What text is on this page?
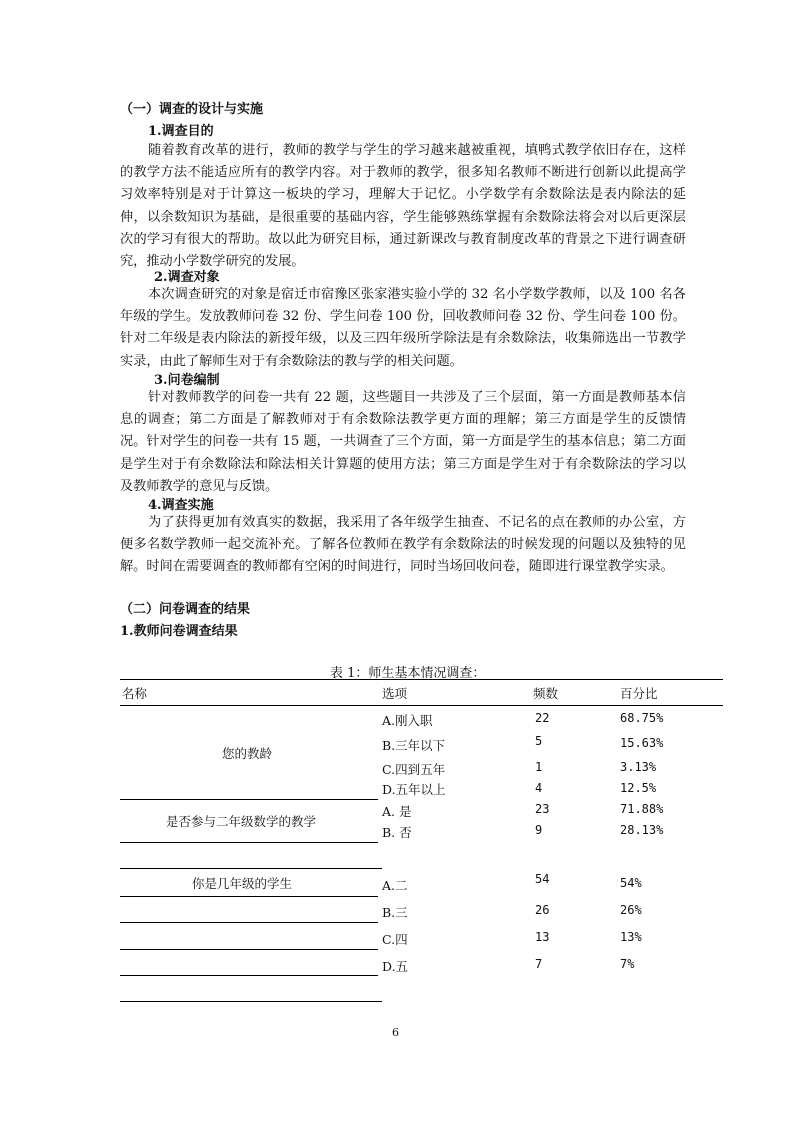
（一）调查的设计与实施
1.调查目的

随着教育改革的进行，教师的教学与学生的学习越来越被重视，填鸭式教学依旧存在，这样的教学方法不能适应所有的教学内容。对于教师的教学，很多知名教师不断进行创新以此提高学习效率特别是对于计算这一板块的学习，理解大于记忆。小学数学有余数除法是表内除法的延伸，以余数知识为基础，是很重要的基础内容，学生能够熟练掌握有余数除法将会对以后更深层次的学习有很大的帮助。故以此为研究目标，通过新课改与教育制度改革的背景之下进行调查研究，推动小学数学研究的发展。

2.调查对象

本次调查研究的对象是宿迁市宿豫区张家港实验小学的 32 名小学数学教师，以及 100 名各年级的学生。发放教师问卷 32 份、学生问卷 100 份，回收教师问卷 32 份、学生问卷 100 份。针对二年级是表内除法的新授年级，以及三四年级所学除法是有余数除法，收集筛选出一节教学实录，由此了解师生对于有余数除法的教与学的相关问题。

3.问卷编制

针对教师教学的问卷一共有 22 题，这些题目一共涉及了三个层面，第一方面是教师基本信息的调查；第二方面是了解教师对于有余数除法教学更方面的理解；第三方面是学生的反馈情况。针对学生的问卷一共有 15 题，一共调查了三个方面，第一方面是学生的基本信息；第二方面是学生对于有余数除法和除法相关计算题的使用方法；第三方面是学生对于有余数除法的学习以及教师教学的意见与反馈。

4.调查实施

为了获得更加有效真实的数据，我采用了各年级学生抽查、不记名的点在教师的办公室，方便多名数学教师一起交流补充。了解各位教师在教学有余数除法的时候发现的问题以及独特的见解。时间在需要调查的教师都有空闲的时间进行，同时当场回收问卷，随即进行课堂教学实录。

（二）问卷调查的结果
1.教师问卷调查结果
表 1：师生基本情况调查：
名称	选项	频数	百分比
您的教龄
A.刚入职	22	68.75%
B.三年以下	5	15.63%
C.四到五年	1	3.13%
D.五年以上	4	12.5%
是否参与二年级数学的教学
A. 是	23	71.88%
B. 否	9	28.13%
你是几年级的学生	A.二	54	54%
B.三	26	26%
C.四	13	13%
D.五	7	7%
6
